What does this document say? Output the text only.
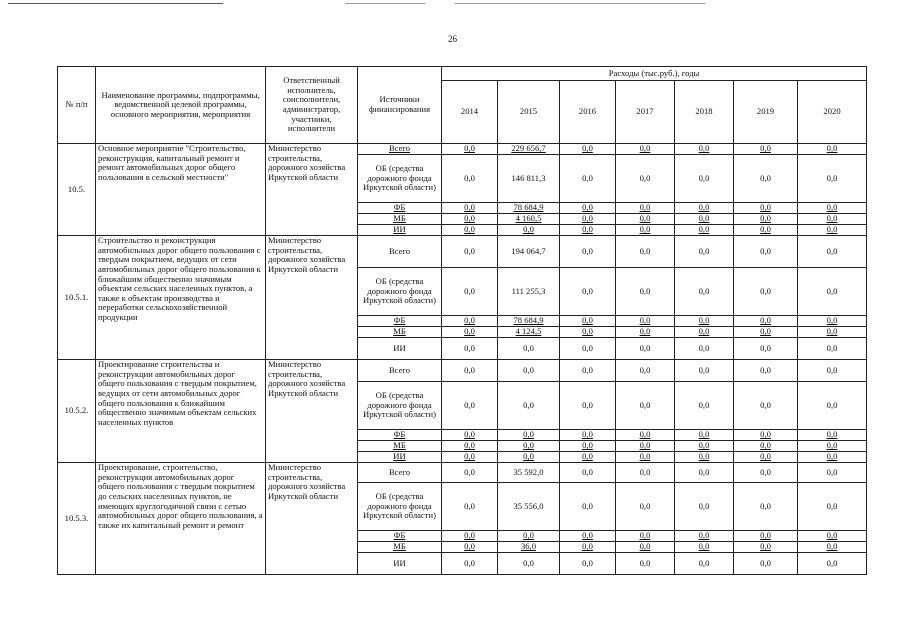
26
№ п/п	Наименование программы, подпрограммы, ведомственной целевой программы, основного мероприятия, мероприятия	Ответственный исполнитель, соисполнители, администратор, участники, исполнители	Источники финансирования	Расходы (тыс.руб.), годы						
				2014	2015	2016	2017	2018	2019	2020
10.5.	Основное мероприятие "Строительство, реконструкция, капитальный ремонт и ремонт автомобильных дорог общего пользования в сельской местности"	Министерство строительства, дорожного хозяйства Иркутской области	Всего	0,0	229 656,7	0,0	0,0	0,0	0,0	0,0
			ОБ (средства дорожного фонда Иркутской области)	0,0	146 811,3	0,0	0,0	0,0	0,0	0,0
			ФБ	0,0	78 684,9	0,0	0,0	0,0	0,0	0,0
			МБ	0,0	4 160,5	0,0	0,0	0,0	0,0	0,0
			ИИ	0,0	0,0	0,0	0,0	0,0	0,0	0,0
10.5.1.	Строительство и реконструкция автомобильных дорог общего пользования с твердым покрытием, ведущих от сети автомобильных дорог общего пользования к ближайшим общественно значимым объектам сельских населенных пунктов, а также к объектам производства и переработки сельскохозяйственной продукции	Министерство строительства, дорожного хозяйства Иркутской области	Всего	0,0	194 064,7	0,0	0,0	0,0	0,0	0,0
			ОБ (средства дорожного фонда Иркутской области)	0,0	111 255,3	0,0	0,0	0,0	0,0	0,0
			ФБ	0,0	78 684,9	0,0	0,0	0,0	0,0	0,0
			МБ	0,0	4 124,5	0,0	0,0	0,0	0,0	0,0
			ИИ	0,0	0,0	0,0	0,0	0,0	0,0	0,0
10.5.2.	Проектирование строительства и реконструкции автомобильных дорог общего пользования с твердым покрытием, ведущих от сети автомобильных дорог общего пользования к ближайшим общественно значимым объектам сельских населенных пунктов	Министерство строительства, дорожного хозяйства Иркутской области	Всего	0,0	0,0	0,0	0,0	0,0	0,0	0,0
			ОБ (средства дорожного фонда Иркутской области)	0,0	0,0	0,0	0,0	0,0	0,0	0,0
			ФБ	0,0	0,0	0,0	0,0	0,0	0,0	0,0
			МБ	0,0	0,0	0,0	0,0	0,0	0,0	0,0
			ИИ	0,0	0,0	0,0	0,0	0,0	0,0	0,0
10.5.3.	Проектирование, строительство, реконструкция автомобильных дорог общего пользования с твердым покрытием до сельских населенных пунктов, не имеющих круглогодичной связи с сетью автомобильных дорог общего пользования, а также их капитальный ремонт и ремонт	Министерство строительства, дорожного хозяйства Иркутской области	Всего	0,0	35 592,0	0,0	0,0	0,0	0,0	0,0
			ОБ (средства дорожного фонда Иркутской области)	0,0	35 556,0	0,0	0,0	0,0	0,0	0,0
			ФБ	0,0	0,0	0,0	0,0	0,0	0,0	0,0
			МБ	0,0	36,0	0,0	0,0	0,0	0,0	0,0
			ИИ	0,0	0,0	0,0	0,0	0,0	0,0	0,0
